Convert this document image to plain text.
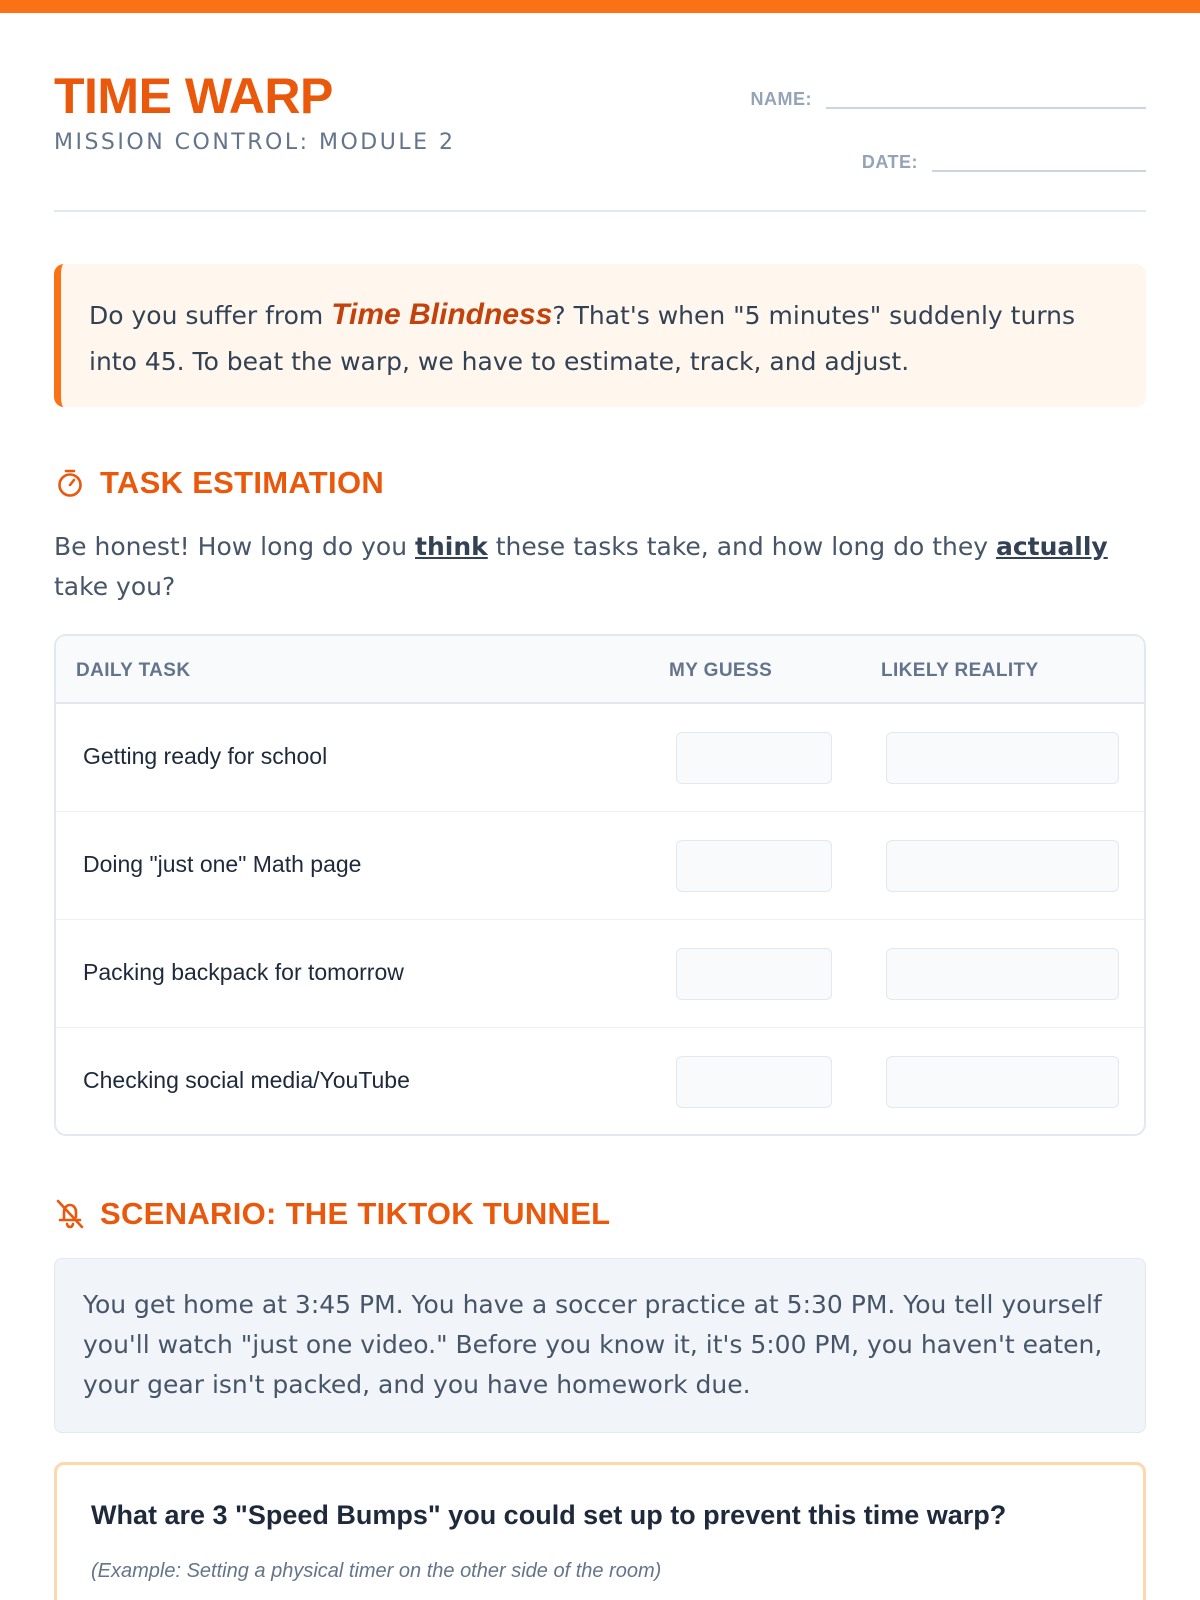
TIME WARP
MISSION CONTROL: MODULE 2
NAME:
DATE:

Do you suffer from Time Blindness? That's when "5 minutes" suddenly turns into 45. To beat the warp, we have to estimate, track, and adjust.

TASK ESTIMATION

Be honest! How long do you think these tasks take, and how long do they actually take you?

DAILY TASK	MY GUESS	LIKELY REALITY
Getting ready for school
Doing "just one" Math page
Packing backpack for tomorrow
Checking social media/YouTube
SCENARIO: THE TIKTOK TUNNEL

You get home at 3:45 PM. You have a soccer practice at 5:30 PM. You tell yourself you'll watch "just one video." Before you know it, it's 5:00 PM, you haven't eaten, your gear isn't packed, and you have homework due.

What are 3 "Speed Bumps" you could set up to prevent this time warp?

(Example: Setting a physical timer on the other side of the room)
